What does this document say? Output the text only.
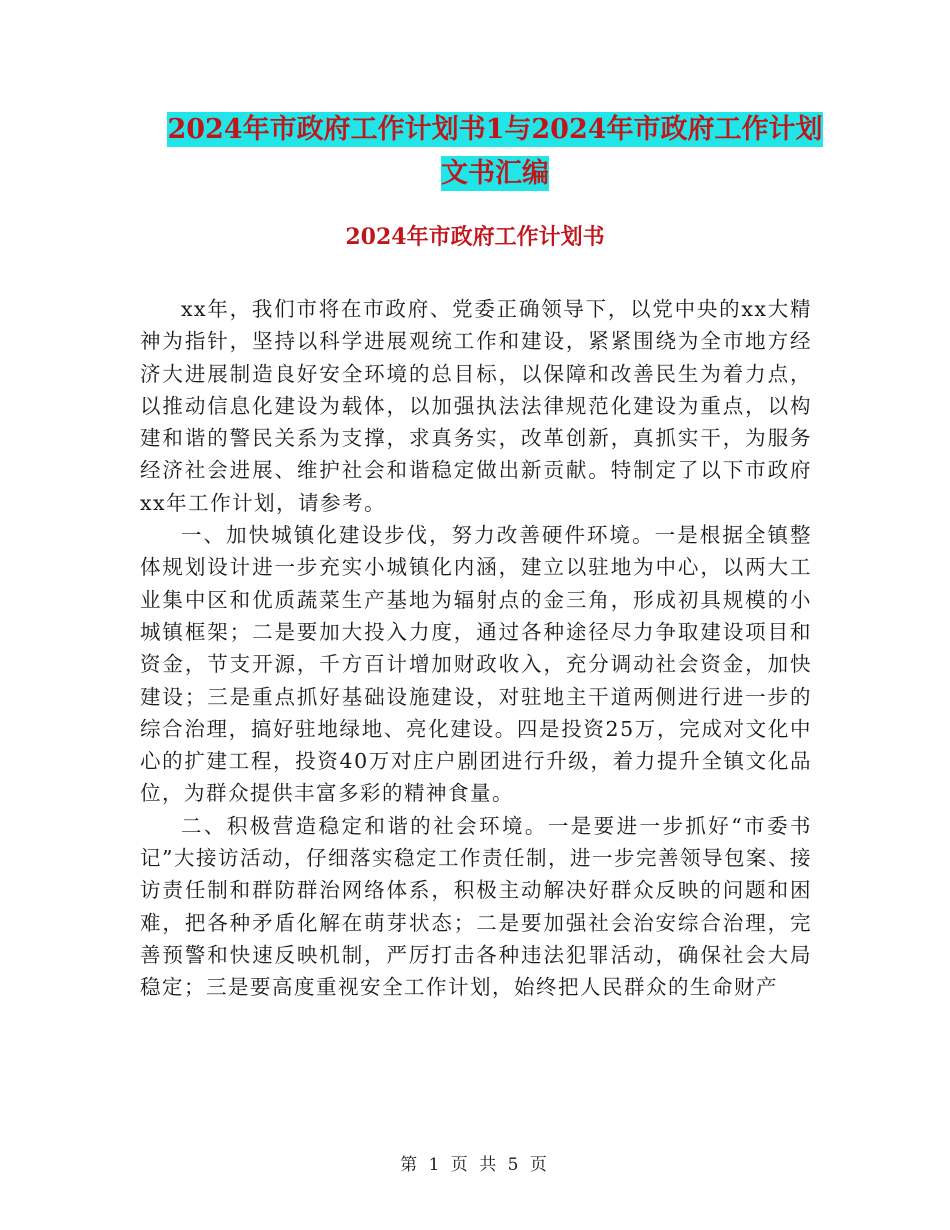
2024年市政府工作计划书1与2024年市政府工作计划
文书汇编
2024年市政府工作计划书

xx年，我们市将在市政府、党委正确领导下，以党中央的xx大精神为指针，坚持以科学进展观统工作和建设，紧紧围绕为全市地方经济大进展制造良好安全环境的总目标，以保障和改善民生为着力点，以推动信息化建设为载体，以加强执法法律规范化建设为重点，以构建和谐的警民关系为支撑，求真务实，改革创新，真抓实干，为服务经济社会进展、维护社会和谐稳定做出新贡献。特制定了以下市政府xx年工作计划，请参考。

一、加快城镇化建设步伐，努力改善硬件环境。一是根据全镇整体规划设计进一步充实小城镇化内涵，建立以驻地为中心，以两大工业集中区和优质蔬菜生产基地为辐射点的金三角，形成初具规模的小城镇框架；二是要加大投入力度，通过各种途径尽力争取建设项目和资金，节支开源，千方百计增加财政收入，充分调动社会资金，加快建设；三是重点抓好基础设施建设，对驻地主干道两侧进行进一步的综合治理，搞好驻地绿地、亮化建设。四是投资25万，完成对文化中心的扩建工程，投资40万对庄户剧团进行升级，着力提升全镇文化品位，为群众提供丰富多彩的精神食量。

二、积极营造稳定和谐的社会环境。一是要进一步抓好“市委书记”大接访活动，仔细落实稳定工作责任制，进一步完善领导包案、接访责任制和群防群治网络体系，积极主动解决好群众反映的问题和困难，把各种矛盾化解在萌芽状态；二是要加强社会治安综合治理，完善预警和快速反映机制，严厉打击各种违法犯罪活动，确保社会大局稳定；三是要高度重视安全工作计划，始终把人民群众的生命财产

第 1 页 共 5 页
